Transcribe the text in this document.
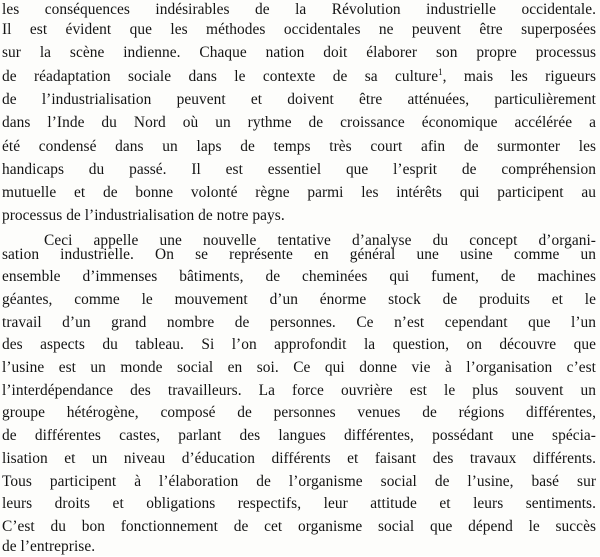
les conséquences indésirables de la Révolution industrielle occidentale.
Il est évident que les méthodes occidentales ne peuvent être superposées
sur la scène indienne. Chaque nation doit élaborer son propre processus
de réadaptation sociale dans le contexte de sa culture$^1$, mais les rigueurs
de l’industrialisation peuvent et doivent être atténuées, particulièrement
dans l’Inde du Nord où un rythme de croissance économique accélérée a
été condensé dans un laps de temps très court afin de surmonter les
handicaps du passé. Il est essentiel que l’esprit de compréhension
mutuelle et de bonne volonté règne parmi les intérêts qui participent au
processus de l’industrialisation de notre pays.
Ceci appelle une nouvelle tentative d’analyse du concept d’organi-
sation industrielle. On se représente en général une usine comme un
ensemble d’immenses bâtiments, de cheminées qui fument, de machines
géantes, comme le mouvement d’un énorme stock de produits et le
travail d’un grand nombre de personnes. Ce n’est cependant que l’un
des aspects du tableau. Si l’on approfondit la question, on découvre que
l’usine est un monde social en soi. Ce qui donne vie à l’organisation c’est
l’interdépendance des travailleurs. La force ouvrière est le plus souvent un
groupe hétérogène, composé de personnes venues de régions différentes,
de différentes castes, parlant des langues différentes, possédant une spécia-
lisation et un niveau d’éducation différents et faisant des travaux différents.
Tous participent à l’élaboration de l’organisme social de l’usine, basé sur
leurs droits et obligations respectifs, leur attitude et leurs sentiments.
C’est du bon fonctionnement de cet organisme social que dépend le succès
de l’entreprise.
